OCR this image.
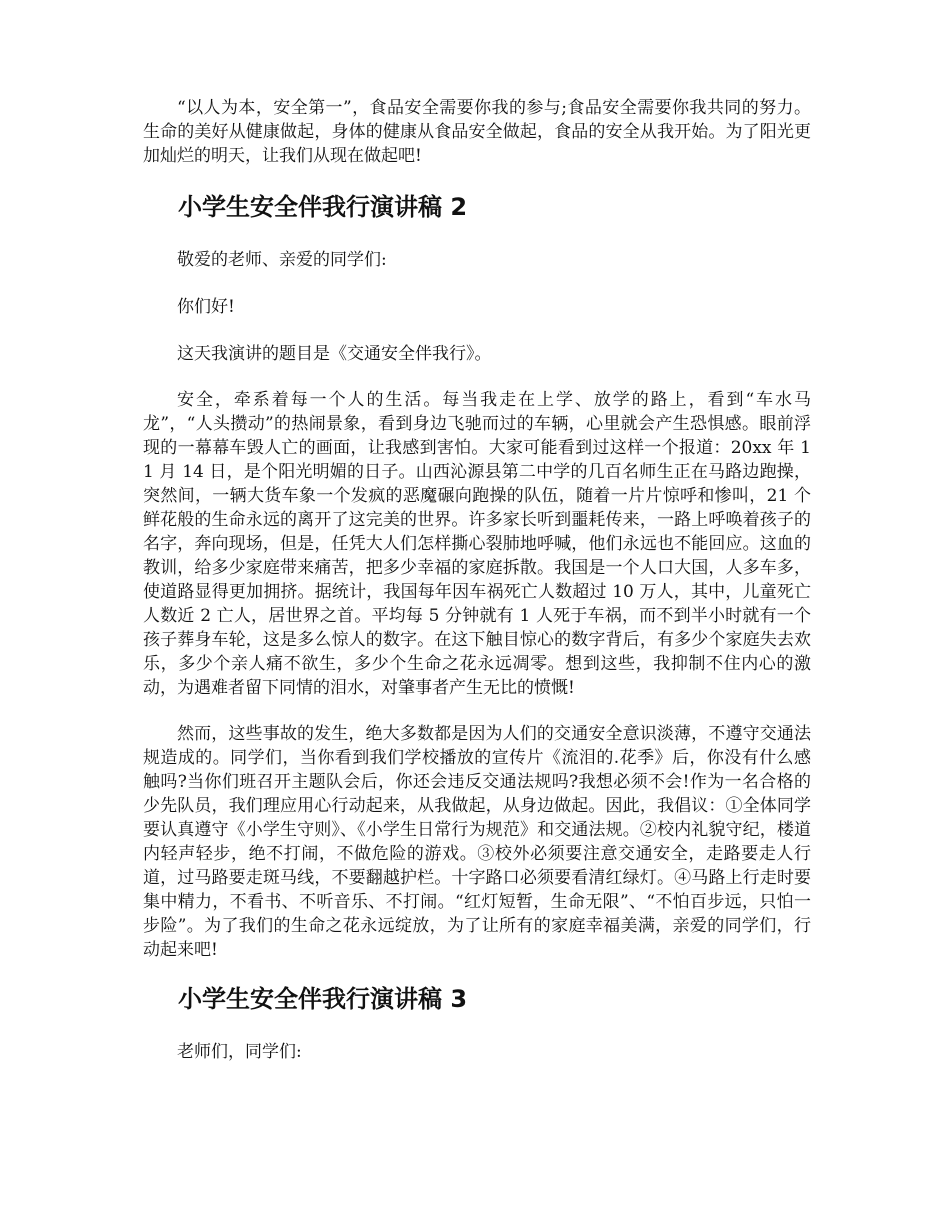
“以人为本，安全第一”，食品安全需要你我的参与;食品安全需要你我共同的努力。生命的美好从健康做起，身体的健康从食品安全做起，食品的安全从我开始。为了阳光更加灿烂的明天，让我们从现在做起吧!

小学生安全伴我行演讲稿 2

敬爱的老师、亲爱的同学们:

你们好!

这天我演讲的题目是《交通安全伴我行》。

安全，牵系着每一个人的生活。每当我走在上学、放学的路上，看到“车水马龙”，“人头攒动”的热闹景象，看到身边飞驰而过的车辆，心里就会产生恐惧感。眼前浮现的一幕幕车毁人亡的画面，让我感到害怕。大家可能看到过这样一个报道：20xx 年 11 月 14 日，是个阳光明媚的日子。山西沁源县第二中学的几百名师生正在马路边跑操，突然间，一辆大货车象一个发疯的恶魔碾向跑操的队伍，随着一片片惊呼和惨叫，21 个鲜花般的生命永远的离开了这完美的世界。许多家长听到噩耗传来，一路上呼唤着孩子的名字，奔向现场，但是，任凭大人们怎样撕心裂肺地呼喊，他们永远也不能回应。这血的教训，给多少家庭带来痛苦，把多少幸福的家庭拆散。我国是一个人口大国，人多车多，使道路显得更加拥挤。据统计，我国每年因车祸死亡人数超过 10 万人，其中，儿童死亡人数近 2 亡人，居世界之首。平均每 5 分钟就有 1 人死于车祸，而不到半小时就有一个孩子葬身车轮，这是多么惊人的数字。在这下触目惊心的数字背后，有多少个家庭失去欢乐，多少个亲人痛不欲生，多少个生命之花永远凋零。想到这些，我抑制不住内心的激动，为遇难者留下同情的泪水，对肇事者产生无比的愤慨!

然而，这些事故的发生，绝大多数都是因为人们的交通安全意识淡薄，不遵守交通法规造成的。同学们，当你看到我们学校播放的宣传片《流泪的.花季》后，你没有什么感触吗?当你们班召开主题队会后，你还会违反交通法规吗?我想必须不会!作为一名合格的少先队员，我们理应用心行动起来，从我做起，从身边做起。因此，我倡议：①全体同学要认真遵守《小学生守则》、《小学生日常行为规范》和交通法规。②校内礼貌守纪，楼道内轻声轻步，绝不打闹，不做危险的游戏。③校外必须要注意交通安全，走路要走人行道，过马路要走斑马线，不要翻越护栏。十字路口必须要看清红绿灯。④马路上行走时要集中精力，不看书、不听音乐、不打闹。“红灯短暂，生命无限”、“不怕百步远，只怕一步险”。为了我们的生命之花永远绽放，为了让所有的家庭幸福美满，亲爱的同学们，行动起来吧!

小学生安全伴我行演讲稿 3

老师们，同学们:
